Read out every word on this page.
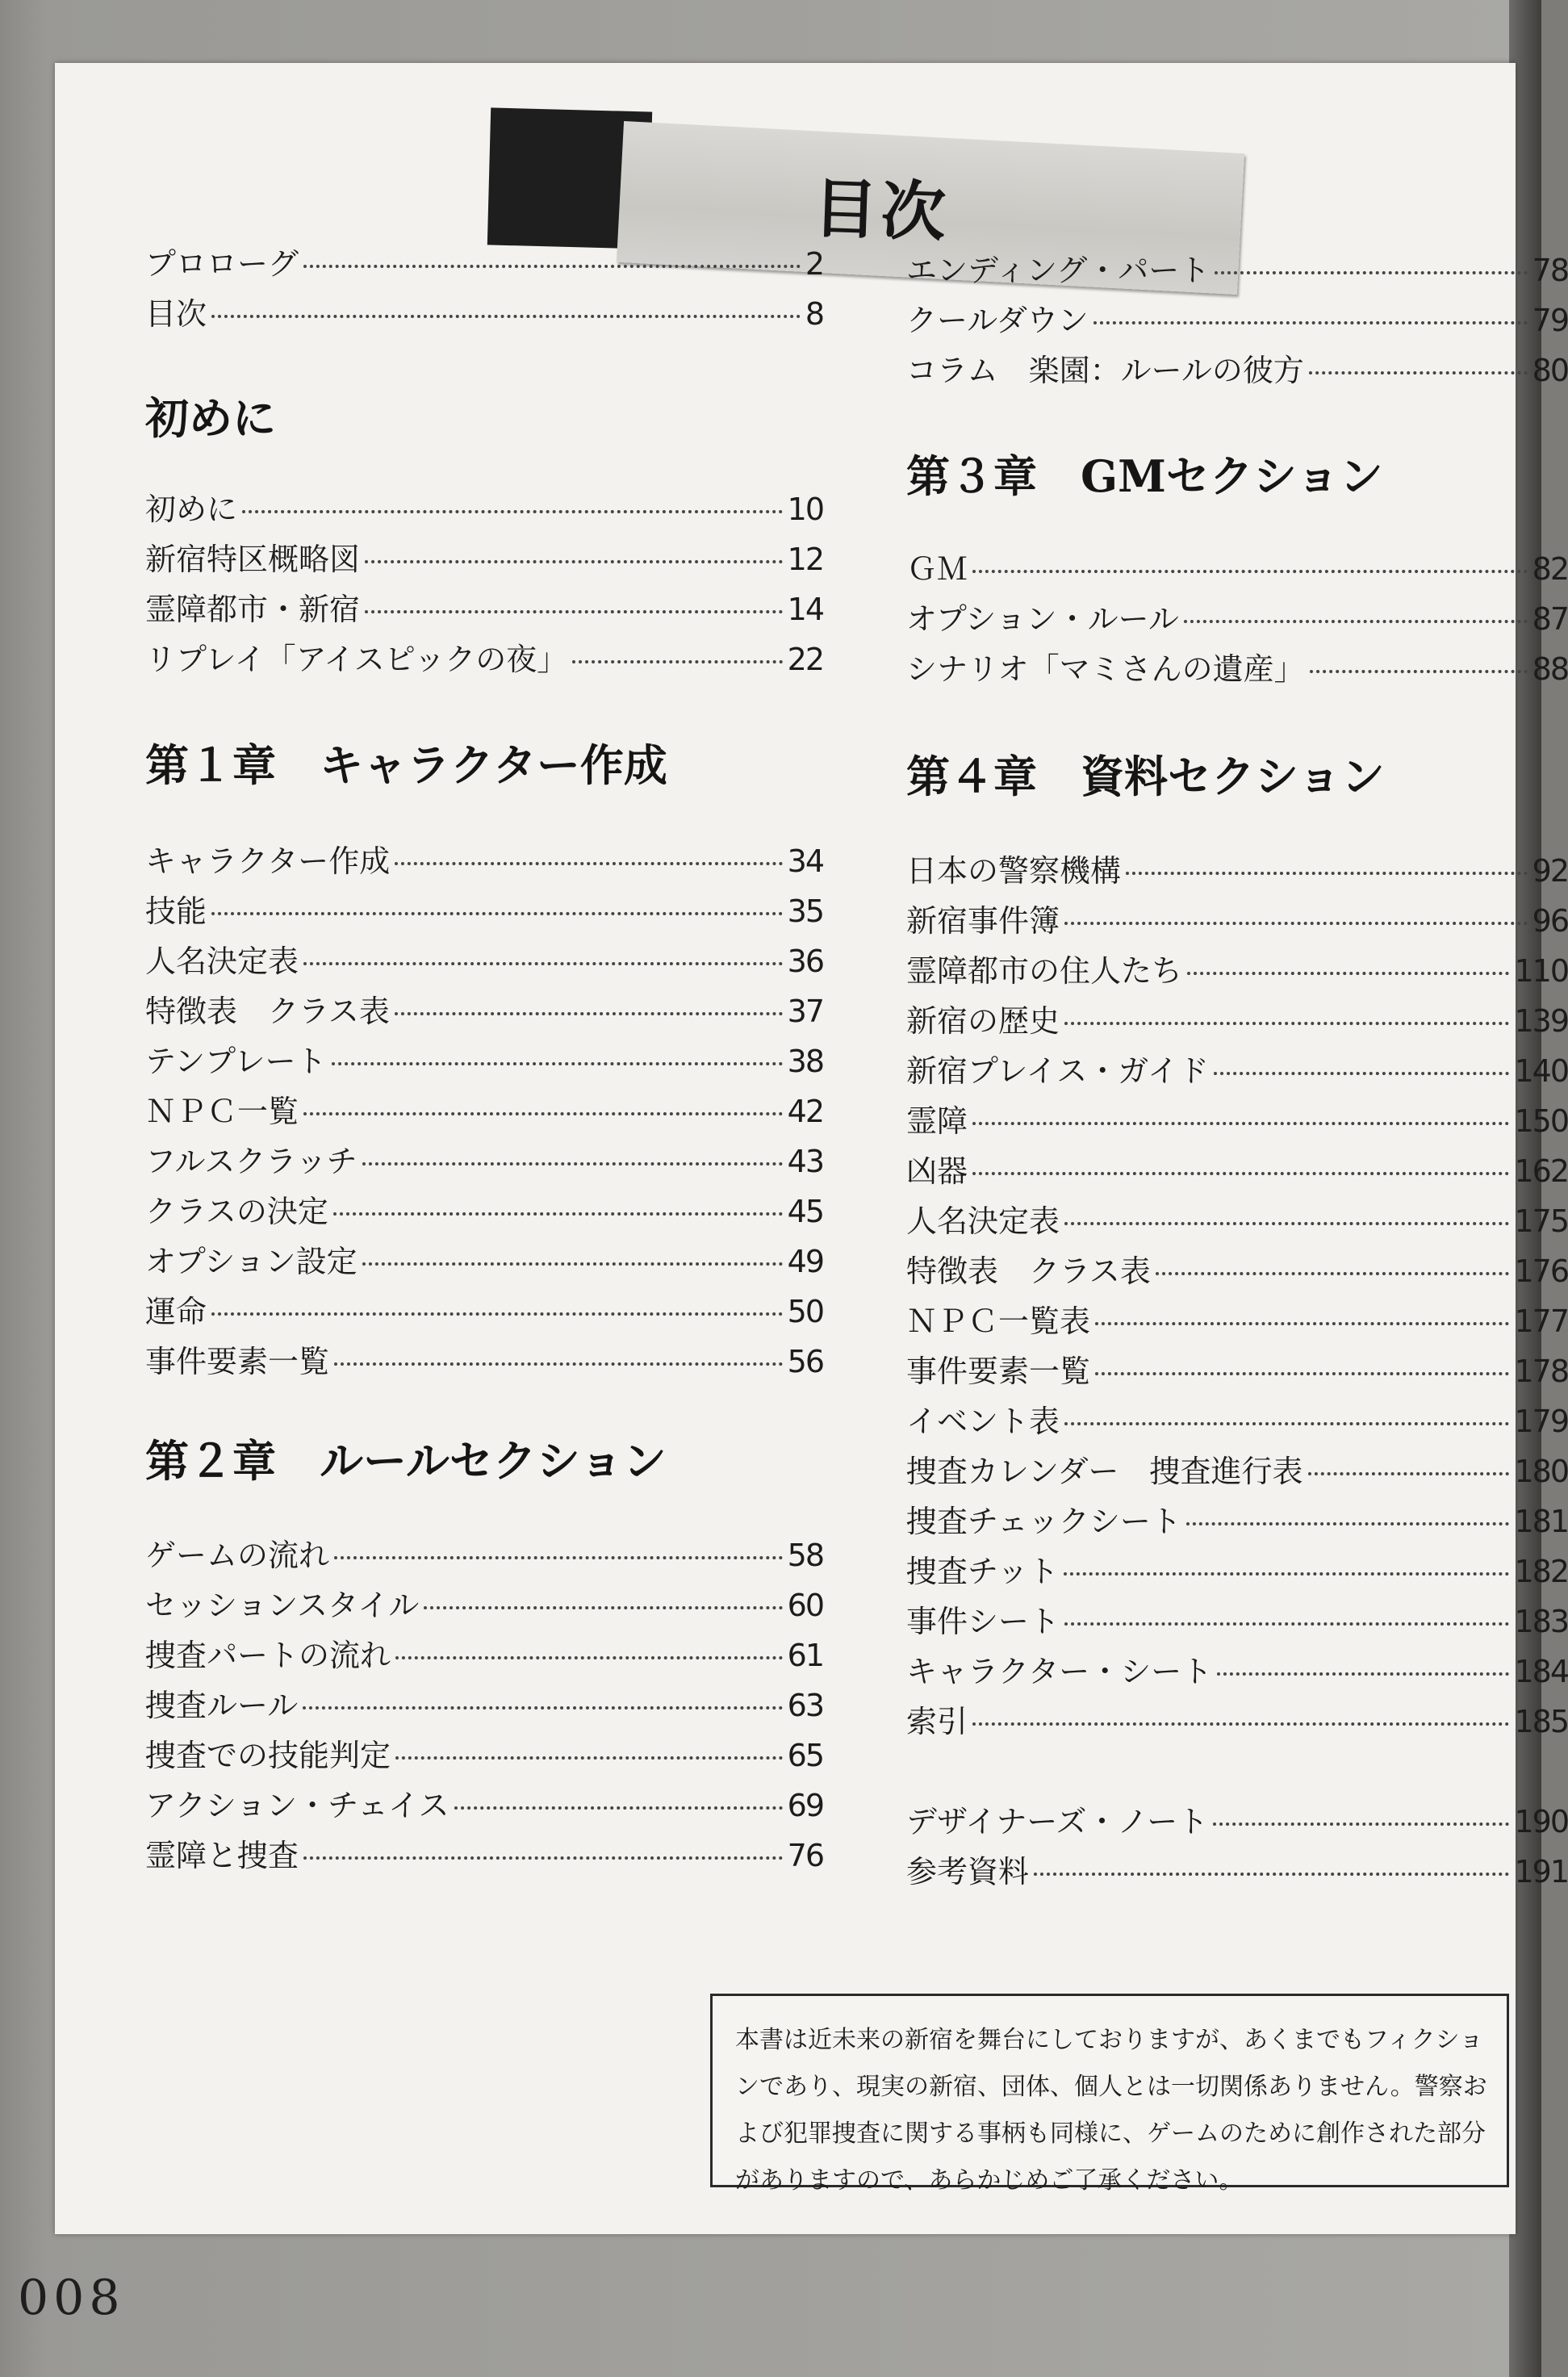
目次
プロローグ	2
目次	8
初めに
初めに	10
新宿特区概略図	12
霊障都市・新宿	14
リプレイ「アイスピックの夜」	22
第１章　キャラクター作成
キャラクター作成	34
技能	35
人名決定表	36
特徴表　クラス表	37
テンプレート	38
ＮＰＣ一覧	42
フルスクラッチ	43
クラスの決定	45
オプション設定	49
運命	50
事件要素一覧	56
第２章　ルールセクション
ゲームの流れ	58
セッションスタイル	60
捜査パートの流れ	61
捜査ルール	63
捜査での技能判定	65
アクション・チェイス	69
霊障と捜査	76
エンディング・パート	78
クールダウン	79
コラム　楽園：ルールの彼方	80
第３章　GMセクション
ＧＭ	82
オプション・ルール	87
シナリオ「マミさんの遺産」	88
第４章　資料セクション
日本の警察機構	92
新宿事件簿	96
霊障都市の住人たち	110
新宿の歴史	139
新宿プレイス・ガイド	140
霊障	150
凶器	162
人名決定表	175
特徴表　クラス表	176
ＮＰＣ一覧表	177
事件要素一覧	178
イベント表	179
捜査カレンダー　捜査進行表	180
捜査チェックシート	181
捜査チット	182
事件シート	183
キャラクター・シート	184
索引	185
デザイナーズ・ノート	190
参考資料	191
本書は近未来の新宿を舞台にしておりますが、あくまでもフィクショ
ンであり、現実の新宿、団体、個人とは一切関係ありません。警察お
よび犯罪捜査に関する事柄も同様に、ゲームのために創作された部分
がありますので、あらかじめご了承ください。
008
